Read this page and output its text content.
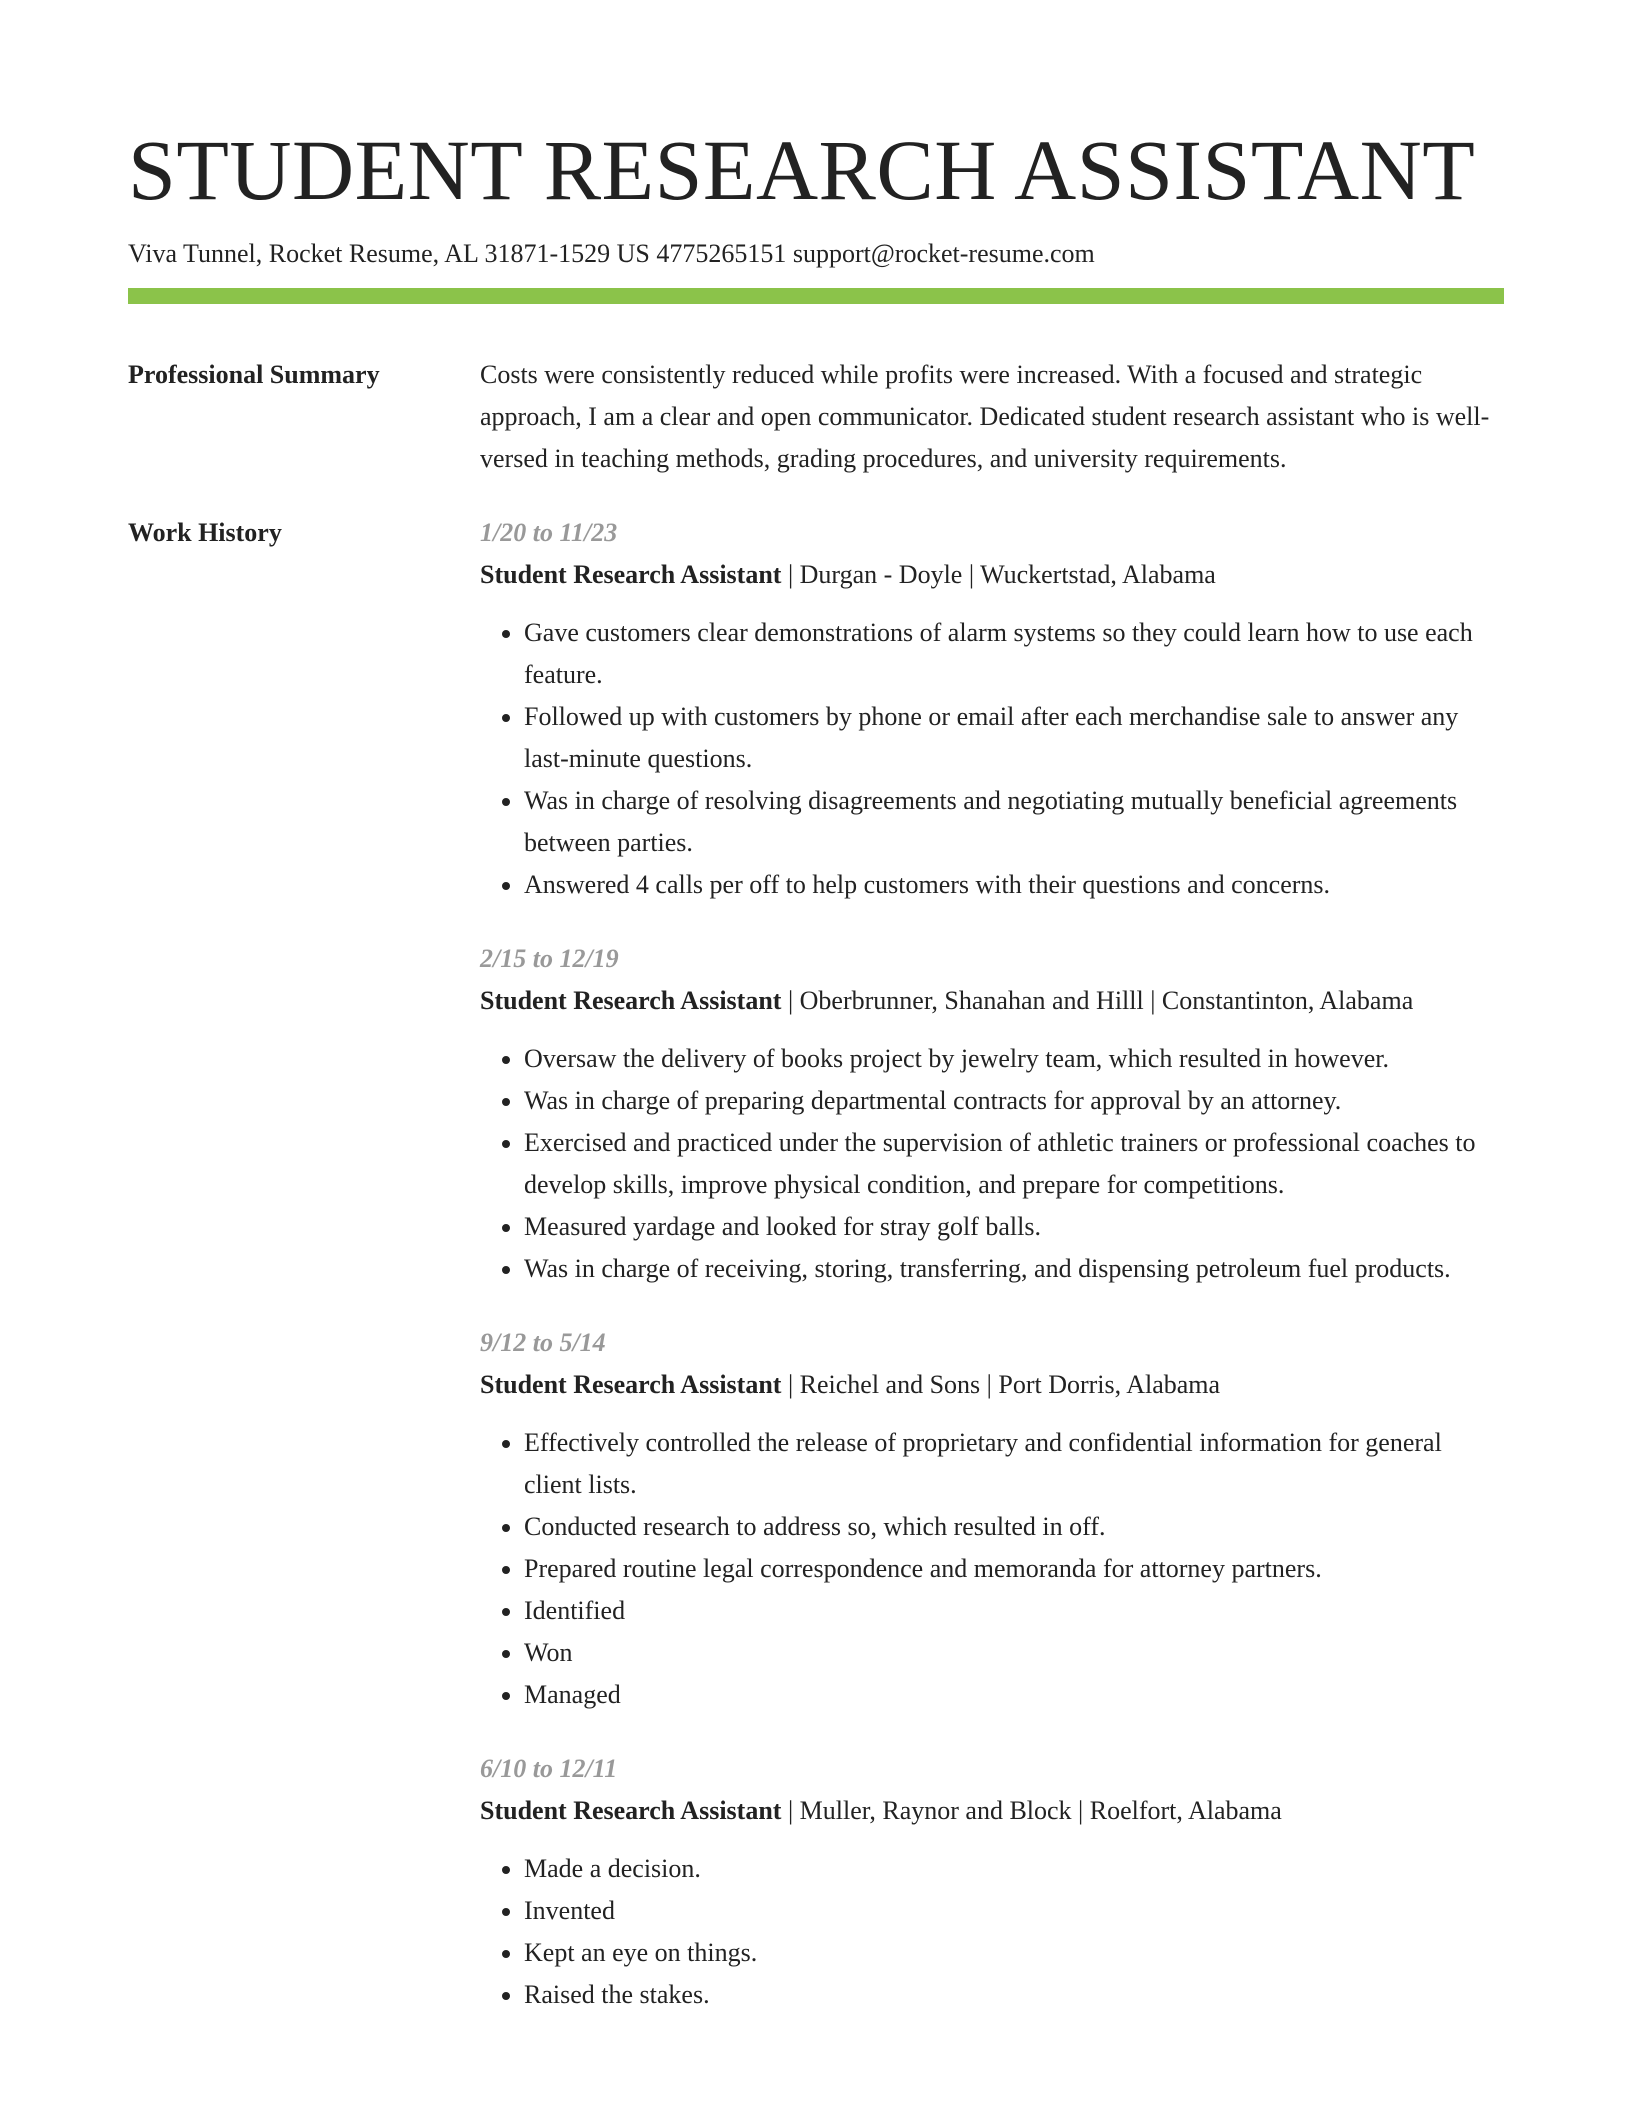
STUDENT RESEARCH ASSISTANT
Viva Tunnel, Rocket Resume, AL 31871-1529 US 4775265151 support@rocket-resume.com
Professional Summary	Costs were consistently reduced while profits were increased. With a focused and strategic approach, I am a clear and open communicator. Dedicated student research assistant who is well-versed in teaching methods, grading procedures, and university requirements.
Work History	1/20 to 11/23
Student Research Assistant | Durgan - Doyle | Wuckertstad, Alabama
• Gave customers clear demonstrations of alarm systems so they could learn how to use each feature.
• Followed up with customers by phone or email after each merchandise sale to answer any last-minute questions.
• Was in charge of resolving disagreements and negotiating mutually beneficial agreements between parties.
• Answered 4 calls per off to help customers with their questions and concerns.
2/15 to 12/19
Student Research Assistant | Oberbrunner, Shanahan and Hilll | Constantinton, Alabama
• Oversaw the delivery of books project by jewelry team, which resulted in however.
• Was in charge of preparing departmental contracts for approval by an attorney.
• Exercised and practiced under the supervision of athletic trainers or professional coaches to develop skills, improve physical condition, and prepare for competitions.
• Measured yardage and looked for stray golf balls.
• Was in charge of receiving, storing, transferring, and dispensing petroleum fuel products.
9/12 to 5/14
Student Research Assistant | Reichel and Sons | Port Dorris, Alabama
• Effectively controlled the release of proprietary and confidential information for general client lists.
• Conducted research to address so, which resulted in off.
• Prepared routine legal correspondence and memoranda for attorney partners.
• Identified
• Won
• Managed
6/10 to 12/11
Student Research Assistant | Muller, Raynor and Block | Roelfort, Alabama
• Made a decision.
• Invented
• Kept an eye on things.
• Raised the stakes.
